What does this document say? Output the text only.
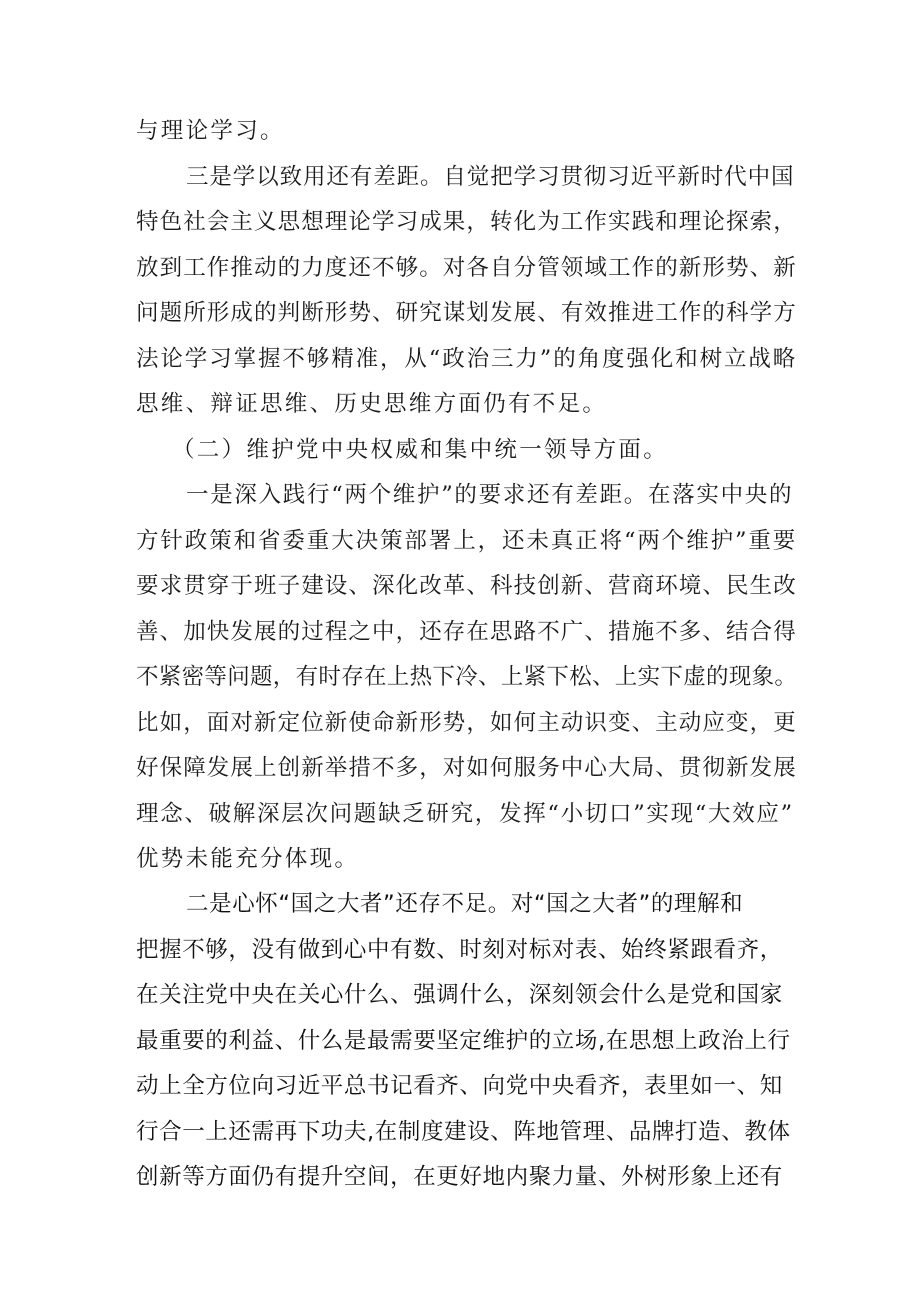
与理论学习。
三是学以致用还有差距。自觉把学习贯彻习近平新时代中国
特色社会主义思想理论学习成果，转化为工作实践和理论探索，
放到工作推动的力度还不够。对各自分管领域工作的新形势、新
问题所形成的判断形势、研究谋划发展、有效推进工作的科学方
法论学习掌握不够精准，从“政治三力”的角度强化和树立战略
思维、辩证思维、历史思维方面仍有不足。
（二）维护党中央权威和集中统一领导方面。
一是深入践行“两个维护”的要求还有差距。在落实中央的
方针政策和省委重大决策部署上，还未真正将“两个维护”重要
要求贯穿于班子建设、深化改革、科技创新、营商环境、民生改
善、加快发展的过程之中，还存在思路不广、措施不多、结合得
不紧密等问题，有时存在上热下冷、上紧下松、上实下虚的现象。
比如，面对新定位新使命新形势，如何主动识变、主动应变，更
好保障发展上创新举措不多，对如何服务中心大局、贯彻新发展
理念、破解深层次问题缺乏研究，发挥“小切口”实现“大效应”
优势未能充分体现。
二是心怀“国之大者”还存不足。对“国之大者”的理解和
把握不够，没有做到心中有数、时刻对标对表、始终紧跟看齐，
在关注党中央在关心什么、强调什么，深刻领会什么是党和国家
最重要的利益、什么是最需要坚定维护的立场,在思想上政治上行
动上全方位向习近平总书记看齐、向党中央看齐，表里如一、知
行合一上还需再下功夫,在制度建设、阵地管理、品牌打造、教体
创新等方面仍有提升空间，在更好地内聚力量、外树形象上还有
